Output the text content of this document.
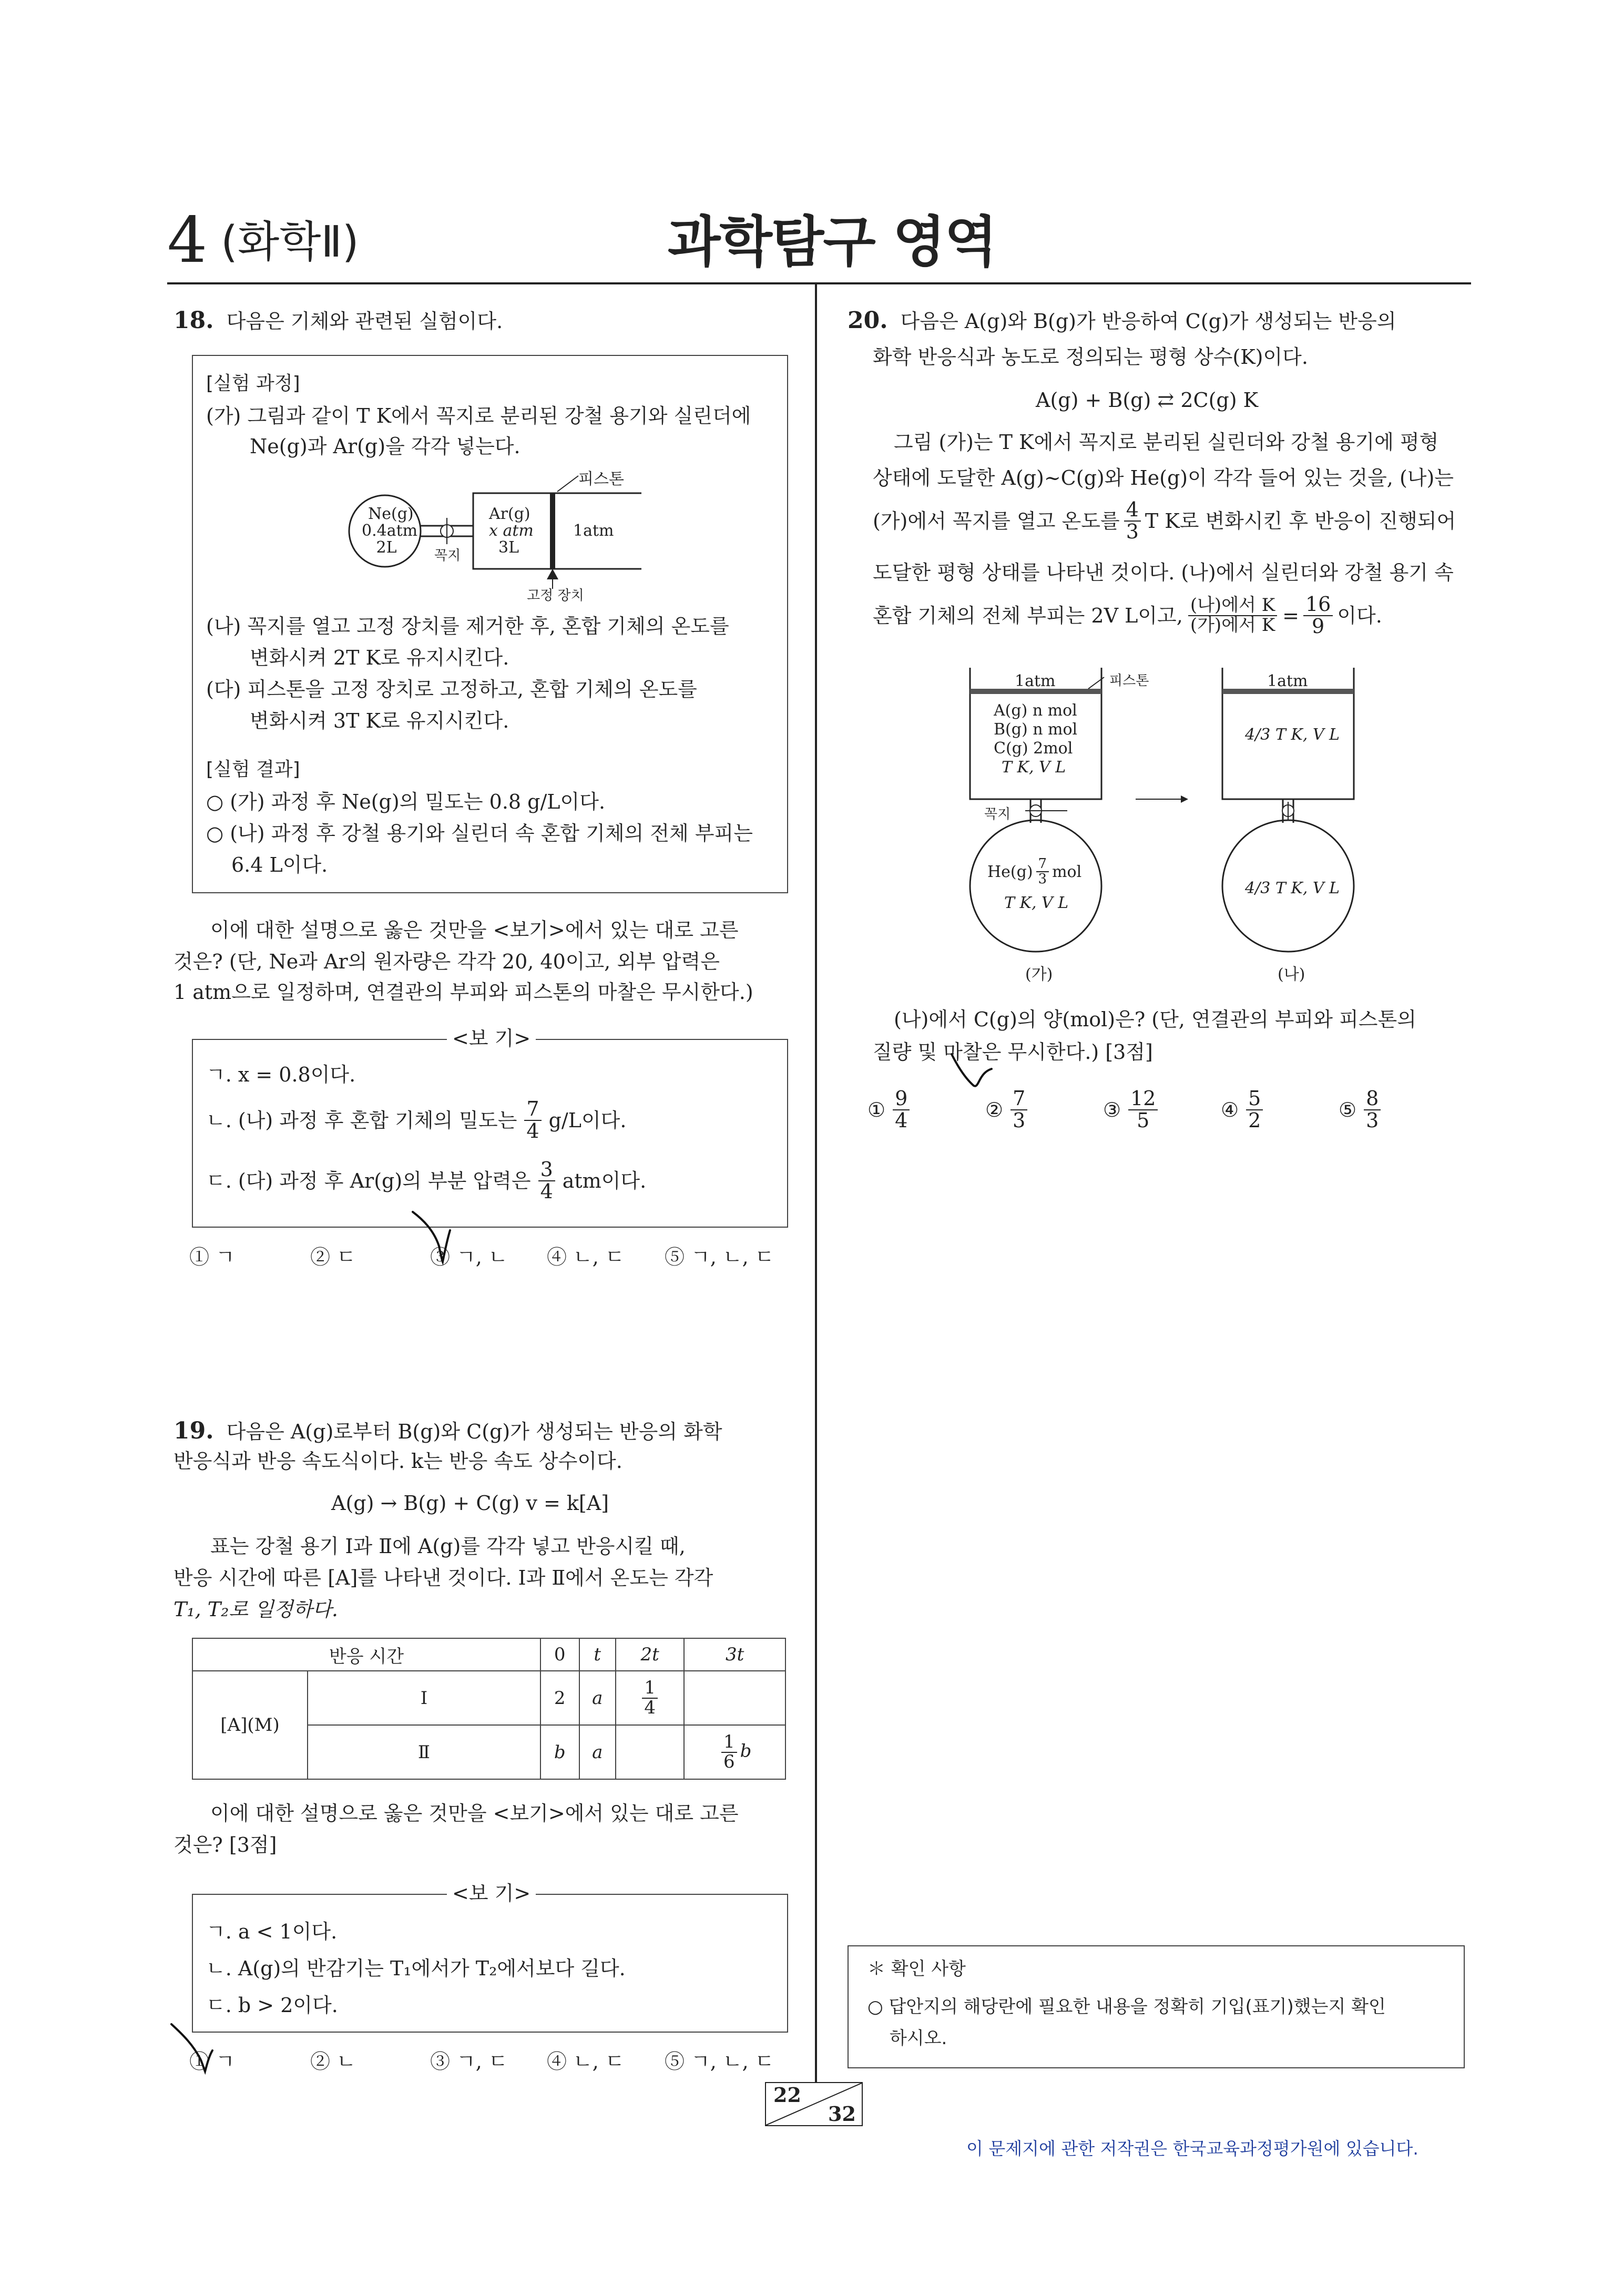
4 (화학Ⅱ)	과학탐구 영역
18. 다음은 기체와 관련된 실험이다.
[실험 과정]
(가) 그림과 같이 T K에서 꼭지로 분리된 강철 용기와 실린더에
Ne(g)과 Ar(g)을 각각 넣는다.
피스톤
Ne(g)
0.4atm
2L	꼭지
Ar(g)
x atm
3L
1atm
고정 장치
(나) 꼭지를 열고 고정 장치를 제거한 후, 혼합 기체의 온도를
변화시켜 2T K로 유지시킨다.
(다) 피스톤을 고정 장치로 고정하고, 혼합 기체의 온도를
변화시켜 3T K로 유지시킨다.
[실험 결과]
○ (가) 과정 후 Ne(g)의 밀도는 0.8 g/L이다.
○ (나) 과정 후 강철 용기와 실린더 속 혼합 기체의 전체 부피는
6.4 L이다.
이에 대한 설명으로 옳은 것만을 <보기>에서 있는 대로 고른
것은? (단, Ne과 Ar의 원자량은 각각 20, 40이고, 외부 압력은
1 atm으로 일정하며, 연결관의 부피와 피스톤의 마찰은 무시한다.)
<보 기>
ㄱ. x = 0.8이다.
ㄴ. (나) 과정 후 혼합 기체의 밀도는 $\frac{7}{4} g/L$이다.
ㄷ. (다) 과정 후 Ar(g)의 부분 압력은 $\frac{3}{4}$ atm이다.
① ㄱ	② ㄷ	③ ㄱ, ㄴ ④ ㄴ, ㄷ ⑤ ㄱ, ㄴ, ㄷ
19. 다음은 A(g)로부터 B(g)와 C(g)가 생성되는 반응의 화학
반응식과 반응 속도식이다. k는 반응 속도 상수이다.
A(g) → B(g) + C(g) v = k[A]
표는 강철 용기 Ⅰ과 Ⅱ에 A(g)를 각각 넣고 반응시킬 때,
반응 시간에 따른 [A]를 나타낸 것이다. Ⅰ과 Ⅱ에서 온도는 각각
T₁, T₂로 일정하다.
반응 시간		0	t	2t	3t
[A](M)	Ⅰ	2	a	$\frac{1}{4}$

	Ⅱ	b	a		$\frac{1}{6}$ b
이에 대한 설명으로 옳은 것만을 <보기>에서 있는 대로 고른
것은? [3점]
<보 기>
ㄱ. a < 1이다.
ㄴ. A(g)의 반감기는 T₁에서가 T₂에서보다 길다.
ㄷ. b > 2이다.
① ㄱ	② ㄴ	③ ㄱ, ㄷ ④ ㄴ, ㄷ ⑤ ㄱ, ㄴ, ㄷ
20. 다음은 A(g)와 B(g)가 반응하여 C(g)가 생성되는 반응의
화학 반응식과 농도로 정의되는 평형 상수(K)이다.
A(g) + B(g) ⇄ 2C(g) K
그림 (가)는 T K에서 꼭지로 분리된 실린더와 강철 용기에 평형
상태에 도달한 A(g)~C(g)와 He(g)이 각각 들어 있는 것을, (나)는
(가)에서 꼭지를 열고 온도를 $\frac{4}{3}$ T K로 변화시킨 후 반응이 진행되어
도달한 평형 상태를 나타낸 것이다. (나)에서 실린더와 강철 용기 속
혼합 기체의 전체 부피는 2V L이고, $\frac{\text{(나)에서 K}}{\text{(가)에서 K}} = \frac{16}{9}$ 이다.
1atm	피스톤
A(g) n mol
B(g) n mol
C(g) 2mol
T K, V L
꼭지
$He(g) \frac{7}{3}$ mol
T K, V L
1atm
4/3 T K, V L
4/3 T K, V L
(가)	(나)
(나)에서 C(g)의 양(mol)은? (단, 연결관의 부피와 피스톤의
질량 및 마찰은 무시한다.) [3점]
① $\frac{9}{4}$	② $\frac{7}{3}$	③ $\frac{12}{5}$	④ $\frac{5}{2}$	⑤ $\frac{8}{3}$
＊ 확인 사항
○ 답안지의 해당란에 필요한 내용을 정확히 기입(표기)했는지 확인
하시오.
22
32
이 문제지에 관한 저작권은 한국교육과정평가원에 있습니다.
